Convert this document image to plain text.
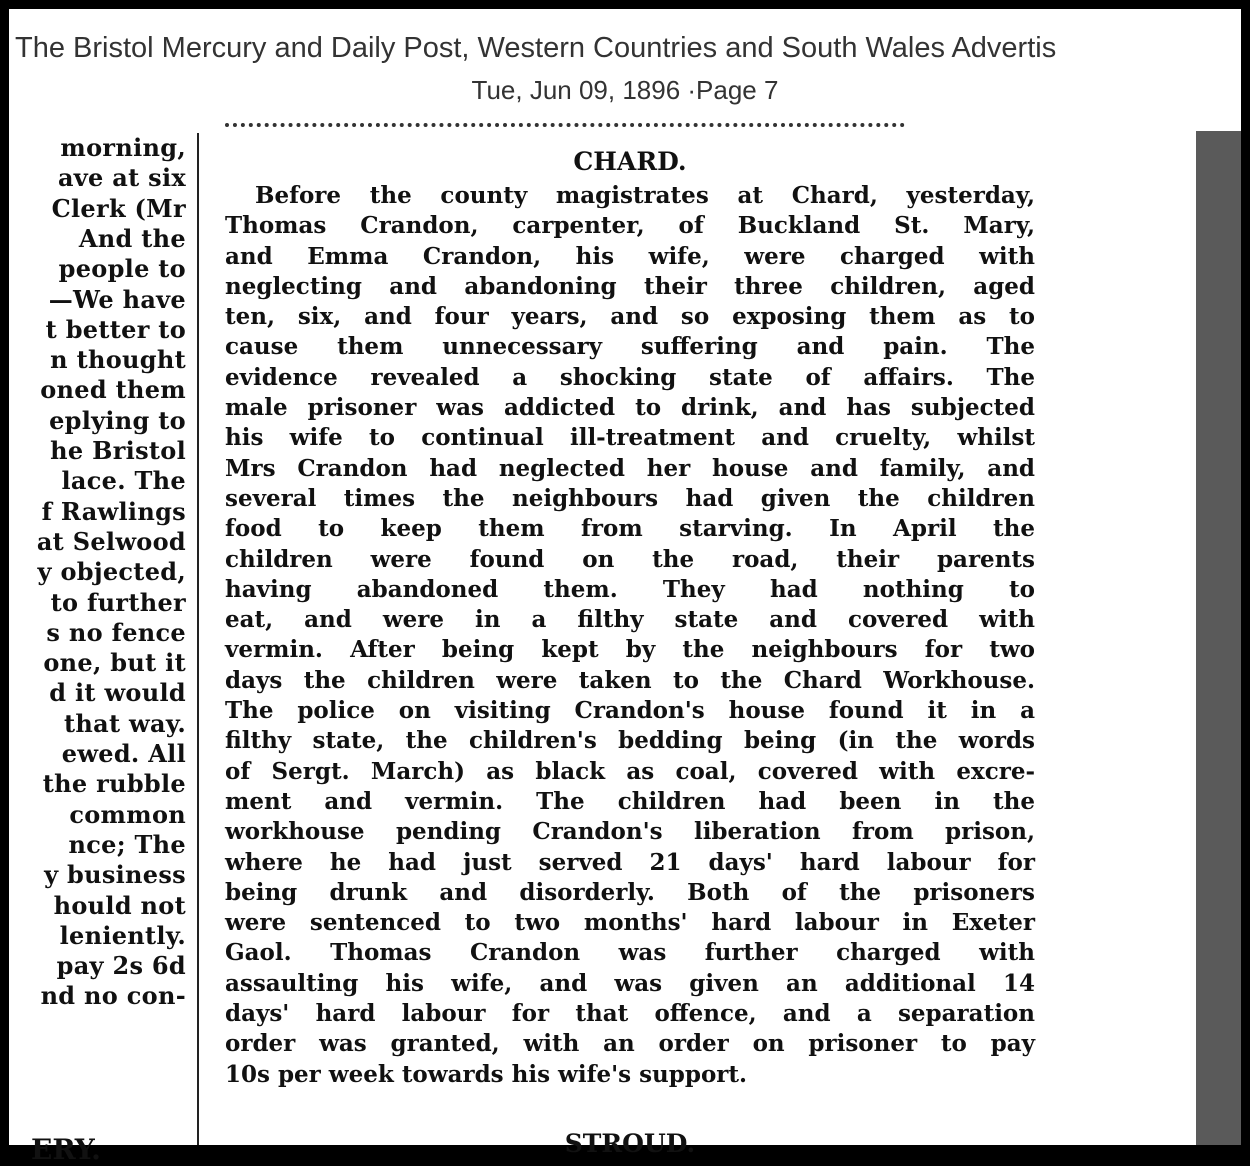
The Bristol Mercury and Daily Post, Western Countries and South Wales Advertis
Tue, Jun 09, 1896 ·Page 7
morning,
ave at six
Clerk (Mr
And the
people to
—We have
t better to
n thought
oned them
eplying to
he Bristol
lace. The
f Rawlings
at Selwood
y objected,
to further
s no fence
one, but it
d it would
that way.
ewed. All
the rubble
common
nce; The
y business
hould not
leniently.
pay 2s 6d
nd no con-
ERY.
CHARD.
Before the county magistrates at Chard, yesterday,
Thomas Crandon, carpenter, of Buckland St. Mary,
and Emma Crandon, his wife, were charged with
neglecting and abandoning their three children, aged
ten, six, and four years, and so exposing them as to
cause them unnecessary suffering and pain. The
evidence revealed a shocking state of affairs. The
male prisoner was addicted to drink, and has subjected
his wife to continual ill-treatment and cruelty, whilst
Mrs Crandon had neglected her house and family, and
several times the neighbours had given the children
food to keep them from starving. In April the
children were found on the road, their parents
having abandoned them. They had nothing to
eat, and were in a filthy state and covered with
vermin. After being kept by the neighbours for two
days the children were taken to the Chard Workhouse.
The police on visiting Crandon's house found it in a
filthy state, the children's bedding being (in the words
of Sergt. March) as black as coal, covered with excre-
ment and vermin. The children had been in the
workhouse pending Crandon's liberation from prison,
where he had just served 21 days' hard labour for
being drunk and disorderly. Both of the prisoners
were sentenced to two months' hard labour in Exeter
Gaol. Thomas Crandon was further charged with
assaulting his wife, and was given an additional 14
days' hard labour for that offence, and a separation
order was granted, with an order on prisoner to pay
10s per week towards his wife's support.
STROUD.
